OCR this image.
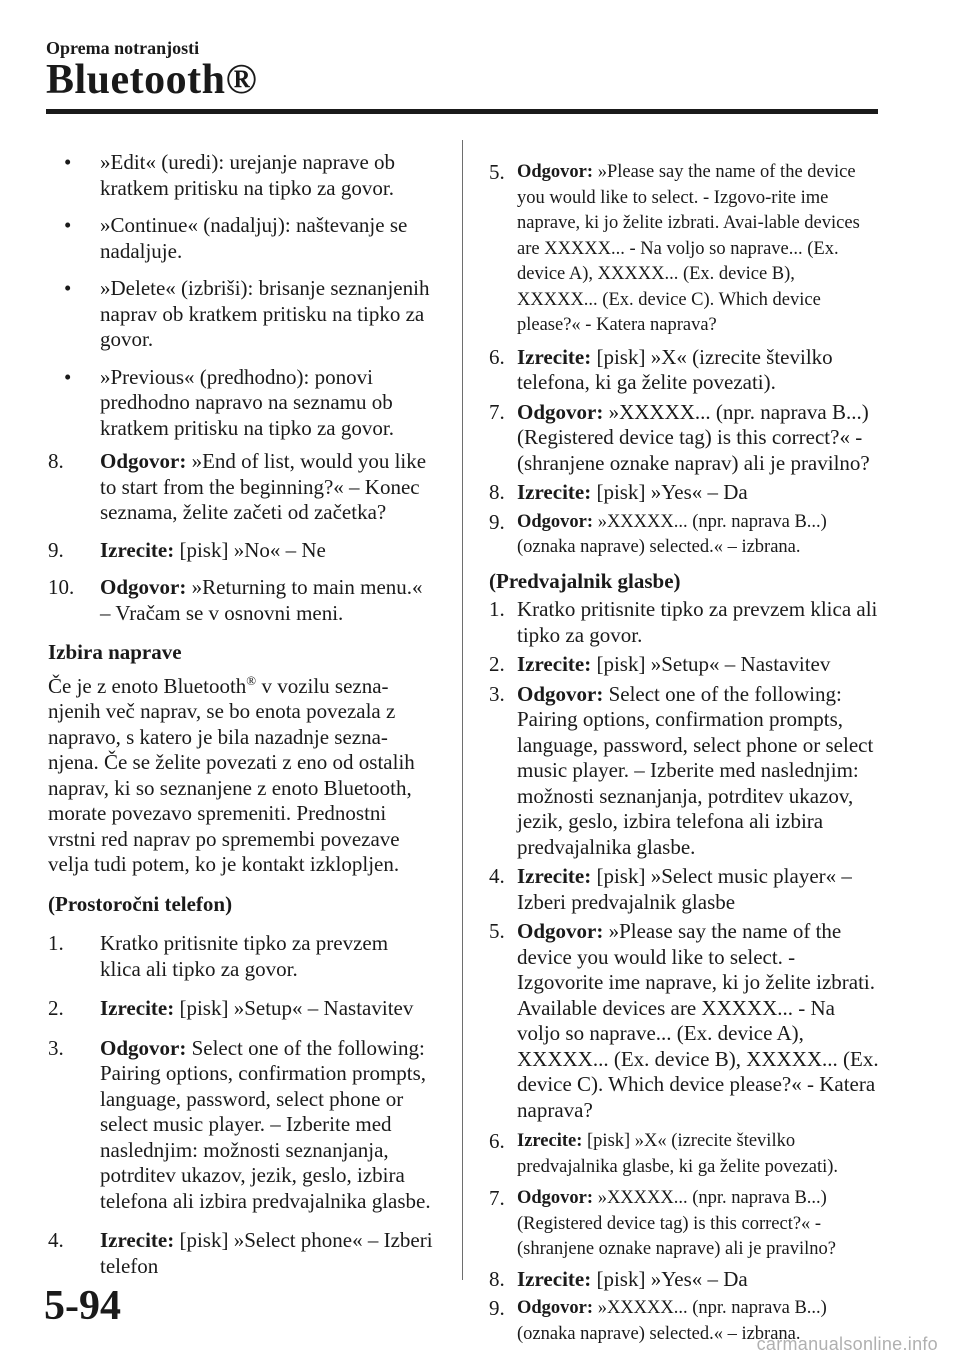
Oprema notranjosti
Bluetooth®
• »Edit« (uredi): urejanje naprave ob kratkem pritisku na tipko za govor.
• »Continue« (nadaljuj): naštevanje se nadaljuje.
• »Delete« (izbriši): brisanje seznanjenih naprav ob kratkem pritisku na tipko za govor.
• »Previous« (predhodno): ponovi predhodno napravo na seznamu ob kratkem pritisku na tipko za govor.
8. Odgovor: »End of list, would you like to start from the beginning?« – Konec seznama, želite začeti od začetka?
9. Izrecite: [pisk] »No« – Ne
10. Odgovor: »Returning to main menu.« – Vračam se v osnovni meni.
Izbira naprave
Če je z enoto Bluetooth® v vozilu sezna-njenih več naprav, se bo enota povezala z napravo, s katero je bila nazadnje sezna-njena. Če se želite povezati z eno od ostalih naprav, ki so seznanjene z enoto Bluetooth, morate povezavo spremeniti. Prednostni vrstni red naprav po spremembi povezave velja tudi potem, ko je kontakt izklopljen.
(Prostoročni telefon)
1. Kratko pritisnite tipko za prevzem klica ali tipko za govor.
2. Izrecite: [pisk] »Setup« – Nastavitev
3. Odgovor: Select one of the following: Pairing options, confirmation prompts, language, password, select phone or select music player. – Izberite med naslednjim: možnosti seznanjanja, potrditev ukazov, jezik, geslo, izbira telefona ali izbira predvajalnika glasbe.
4. Izrecite: [pisk] »Select phone« – Izberi telefon
5. Odgovor: »Please say the name of the device you would like to select. - Izgovo-rite ime naprave, ki jo želite izbrati. Avai-lable devices are XXXXX... - Na voljo so naprave... (Ex. device A), XXXXX... (Ex. device B), XXXXX... (Ex. device C). Which device please?« - Katera naprava?
6. Izrecite: [pisk] »X« (izrecite številko telefona, ki ga želite povezati).
7. Odgovor: »XXXXX... (npr. naprava B...) (Registered device tag) is this correct?« - (shranjene oznake naprav) ali je pravilno?
8. Izrecite: [pisk] »Yes« – Da
9. Odgovor: »XXXXX... (npr. naprava B...) (oznaka naprave) selected.« – izbrana.
(Predvajalnik glasbe)
1. Kratko pritisnite tipko za prevzem klica ali tipko za govor.
2. Izrecite: [pisk] »Setup« – Nastavitev
3. Odgovor: Select one of the following: Pairing options, confirmation prompts, language, password, select phone or select music player. – Izberite med naslednjim: možnosti seznanjanja, potrditev ukazov, jezik, geslo, izbira telefona ali izbira predvajalnika glasbe.
4. Izrecite: [pisk] »Select music player« – Izberi predvajalnik glasbe
5. Odgovor: »Please say the name of the device you would like to select. - Izgovorite ime naprave, ki jo želite izbrati. Available devices are XXXXX... - Na voljo so naprave... (Ex. device A), XXXXX... (Ex. device B), XXXXX... (Ex. device C). Which device please?« - Katera naprava?
6. Izrecite: [pisk] »X« (izrecite številko predvajalnika glasbe, ki ga želite povezati).
7. Odgovor: »XXXXX... (npr. naprava B...) (Registered device tag) is this correct?« - (shranjene oznake naprave) ali je pravilno?
8. Izrecite: [pisk] »Yes« – Da
9. Odgovor: »XXXXX... (npr. naprava B...) (oznaka naprave) selected.« – izbrana.
5-94
carmanualsonline.info
